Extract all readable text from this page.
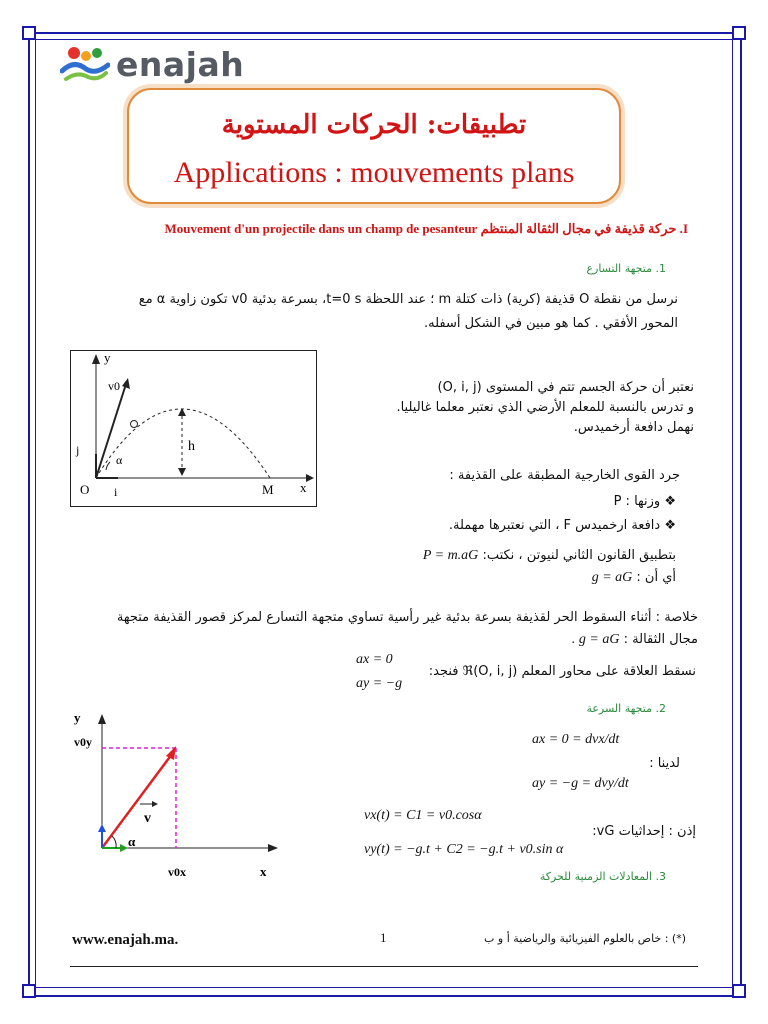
enajah
تطبيقات: الحركات المستوية
Applications : mouvements plans
I. حركة قذيفة في مجال الثقالة المنتظم Mouvement d'un projectile dans un champ de pesanteur
1. متجهة التسارع
نرسل من نقطة O قذيفة (كرية) ذات كتلة m ؛ عند اللحظة t=0 s، بسرعة بدئية v0 تكون زاوية α مع
المحور الأفقي . كما هو مبين في الشكل أسفله.
y
v0
j
α
h
O i	M x
نعتبر أن حركة الجسم تتم في المستوى (O, i, j)
و تدرس بالنسبة للمعلم الأرضي الذي نعتبر معلما غاليليا.
نهمل دافعة أرخميدس.
جرد القوى الخارجية المطبقة على القذيفة :
❖ وزنها : P
❖ دافعة ارخميدس F ، التي نعتبرها مهملة.
بتطبيق القانون الثاني لنيوتن ، نكتب: P = m.aG
أي أن : g = aG
خلاصة : أثناء السقوط الحر لقذيفة بسرعة بدئية غير رأسية تساوي متجهة التسارع لمركز قصور القذيفة متجهة
مجال الثقالة : g = aG .
نسقط العلاقة على محاور المعلم ℜ(O, i, j) فنجد:
ax = 0
ay = −g
2. متجهة السرعة
y
v0y
v
α
v0x	x
ax = 0 = dvx/dt
ay = −g = dvy/dt
لدينا :
vx(t) = C1 = v0.cosα
vy(t) = −g.t + C2 = −g.t + v0.sin α
إذن : إحداثيات vG:
3. المعادلات الزمنية للحركة
www.enajah.ma.	1	(*) : خاص بالعلوم الفيزيائية والرياضية أ و ب
